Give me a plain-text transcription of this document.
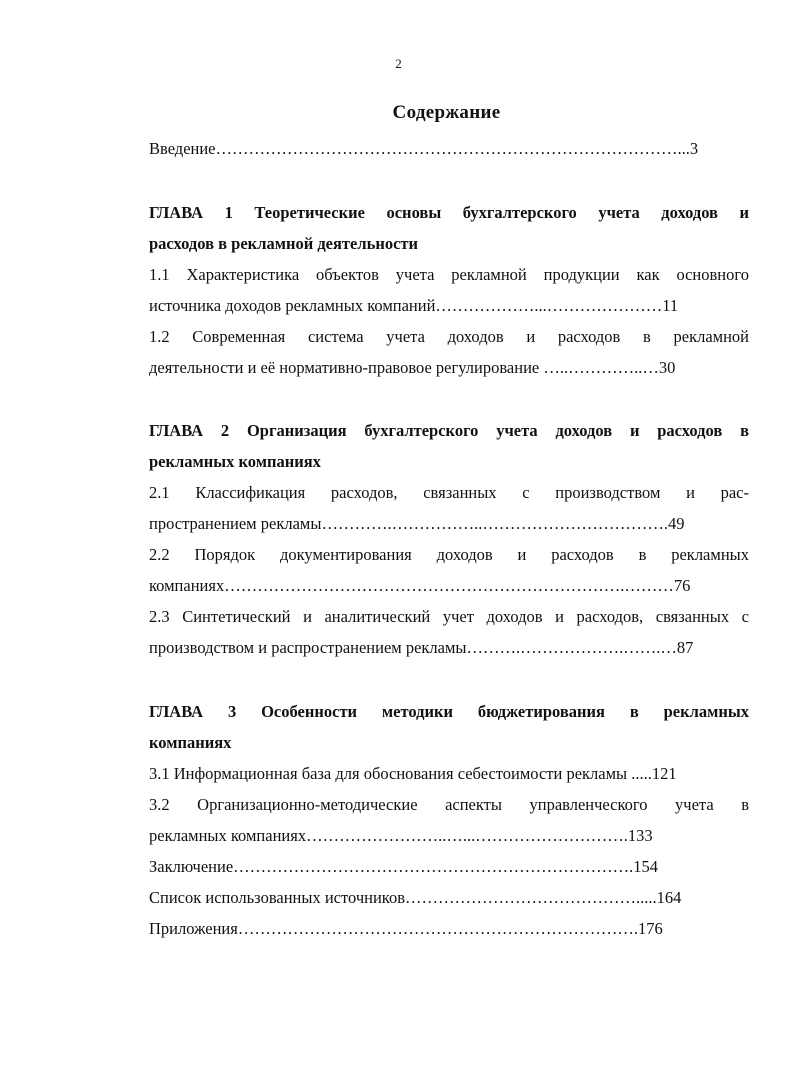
2
Содержание
Введение…………………………………………………………………………...3
ГЛАВА 1 Теоретические основы бухгалтерского учета доходов и
расходов в рекламной деятельности
1.1 Характеристика объектов учета рекламной продукции как основного
источника доходов рекламных компаний………………...…………………11
1.2 Современная система учета доходов и расходов в рекламной
деятельности и её нормативно-правовое регулирование …..…………..…30
ГЛАВА 2 Организация бухгалтерского учета доходов и расходов в
рекламных компаниях
2.1 Классификация расходов, связанных с производством и рас-
пространением рекламы………….……………..…………………………….49
2.2 Порядок документирования доходов и расходов в рекламных
компаниях……………………………………………………………….………76
2.3 Синтетический и аналитический учет доходов и расходов, связанных с
производством и распространением рекламы……….……………….…….…87
ГЛАВА 3 Особенности методики бюджетирования в рекламных
компаниях
3.1 Информационная база для обоснования себестоимости рекламы .....121
3.2 Организационно-методические аспекты управленческого учета в
рекламных компаниях……………………..…...……………………….133
Заключение……………………………………………………………….154
Список использованных источников…………………………………….....164
Приложения……………………………………………………………….176
